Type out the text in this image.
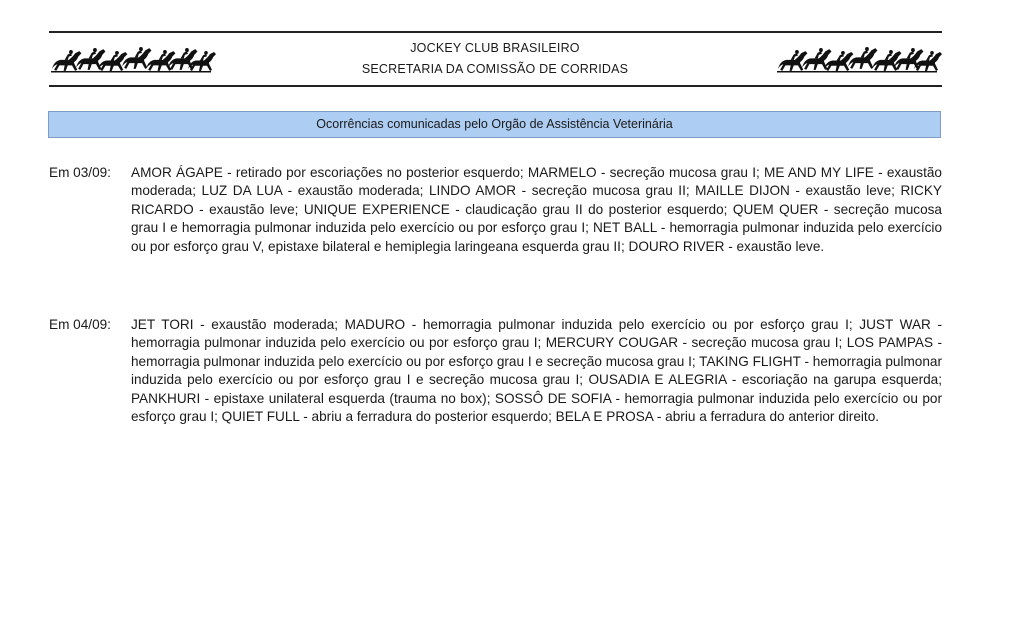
JOCKEY CLUB BRASILEIRO
SECRETARIA DA COMISSÃO DE CORRIDAS
Ocorrências comunicadas pelo Orgão de Assistência Veterinária
Em 03/09:	AMOR ÁGAPE - retirado por escoriações no posterior esquerdo; MARMELO - secreção mucosa grau I; ME AND MY LIFE - exaustão moderada; LUZ DA LUA - exaustão moderada; LINDO AMOR - secreção mucosa grau II; MAILLE DIJON - exaustão leve; RICKY RICARDO - exaustão leve; UNIQUE EXPERIENCE - claudicação grau II do posterior esquerdo; QUEM QUER - secreção mucosa grau I e hemorragia pulmonar induzida pelo exercício ou por esforço grau I; NET BALL - hemorragia pulmonar induzida pelo exercício ou por esforço grau V, epistaxe bilateral e hemiplegia laringeana esquerda grau II; DOURO RIVER - exaustão leve.
Em 04/09:	JET TORI - exaustão moderada; MADURO - hemorragia pulmonar induzida pelo exercício ou por esforço grau I; JUST WAR - hemorragia pulmonar induzida pelo exercício ou por esforço grau I; MERCURY COUGAR - secreção mucosa grau I; LOS PAMPAS - hemorragia pulmonar induzida pelo exercício ou por esforço grau I e secreção mucosa grau I; TAKING FLIGHT - hemorragia pulmonar induzida pelo exercício ou por esforço grau I e secreção mucosa grau I; OUSADIA E ALEGRIA - escoriação na garupa esquerda; PANKHURI - epistaxe unilateral esquerda (trauma no box); SOSSÔ DE SOFIA - hemorragia pulmonar induzida pelo exercício ou por esforço grau I; QUIET FULL - abriu a ferradura do posterior esquerdo; BELA E PROSA - abriu a ferradura do anterior direito.
